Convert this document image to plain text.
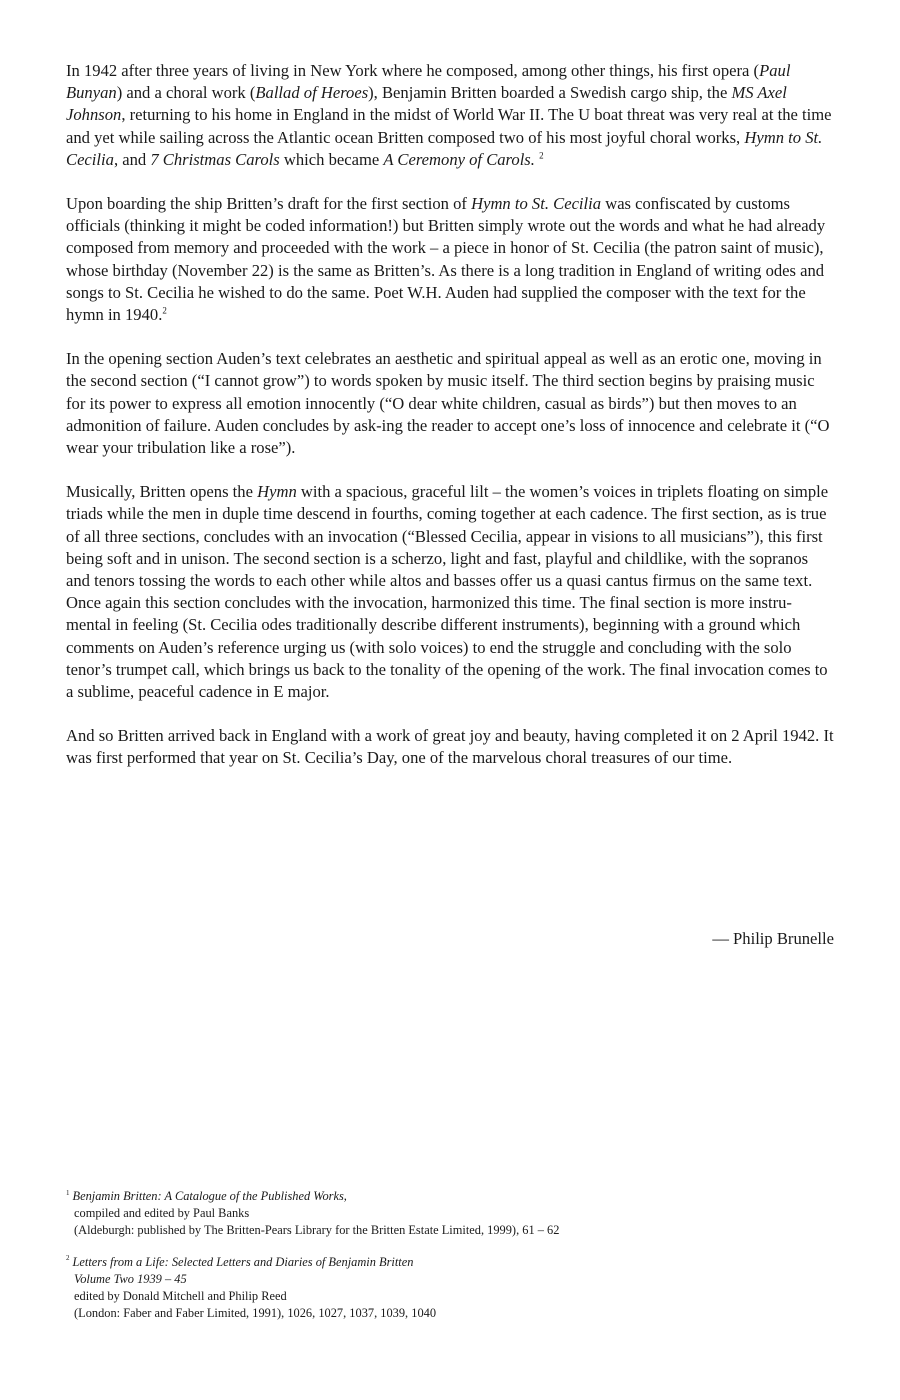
In 1942 after three years of living in New York where he composed, among other things, his first opera (Paul Bunyan) and a choral work (Ballad of Heroes), Benjamin Britten boarded a Swedish cargo ship, the MS Axel Johnson, returning to his home in England in the midst of World War II. The U boat threat was very real at the time and yet while sailing across the Atlantic ocean Britten composed two of his most joyful choral works, Hymn to St. Cecilia, and 7 Christmas Carols which became A Ceremony of Carols. $^2$

Upon boarding the ship Britten’s draft for the first section of Hymn to St. Cecilia was confiscated by customs officials (thinking it might be coded information!) but Britten simply wrote out the words and what he had already composed from memory and proceeded with the work – a piece in honor of St. Cecilia (the patron saint of music), whose birthday (November 22) is the same as Britten’s. As there is a long tradition in England of writing odes and songs to St. Cecilia he wished to do the same. Poet W.H. Auden had supplied the composer with the text for the hymn in 1940.$^2$

In the opening section Auden’s text celebrates an aesthetic and spiritual appeal as well as an erotic one, moving in the second section (“I cannot grow”) to words spoken by music itself. The third section begins by praising music for its power to express all emotion innocently (“O dear white children, casual as birds”) but then moves to an admonition of failure. Auden concludes by ask-ing the reader to accept one’s loss of innocence and celebrate it (“O wear your tribulation like a rose”).

Musically, Britten opens the Hymn with a spacious, graceful lilt – the women’s voices in triplets floating on simple triads while the men in duple time descend in fourths, coming together at each cadence. The first section, as is true of all three sections, concludes with an invocation (“Blessed Cecilia, appear in visions to all musicians”), this first being soft and in unison. The second section is a scherzo, light and fast, playful and childlike, with the sopranos and tenors tossing the words to each other while altos and basses offer us a quasi cantus firmus on the same text. Once again this section concludes with the invocation, harmonized this time. The final section is more instru-mental in feeling (St. Cecilia odes traditionally describe different instruments), beginning with a ground which comments on Auden’s reference urging us (with solo voices) to end the struggle and concluding with the solo tenor’s trumpet call, which brings us back to the tonality of the opening of the work. The final invocation comes to a sublime, peaceful cadence in E major.

And so Britten arrived back in England with a work of great joy and beauty, having completed it on 2 April 1942. It was first performed that year on St. Cecilia’s Day, one of the marvelous choral treasures of our time.

— Philip Brunelle
$^1$ Benjamin Britten: A Catalogue of the Published Works,
compiled and edited by Paul Banks
(Aldeburgh: published by The Britten-Pears Library for the Britten Estate Limited, 1999), 61 – 62
$^2$ Letters from a Life: Selected Letters and Diaries of Benjamin Britten
Volume Two 1939 – 45
edited by Donald Mitchell and Philip Reed
(London: Faber and Faber Limited, 1991), 1026, 1027, 1037, 1039, 1040
